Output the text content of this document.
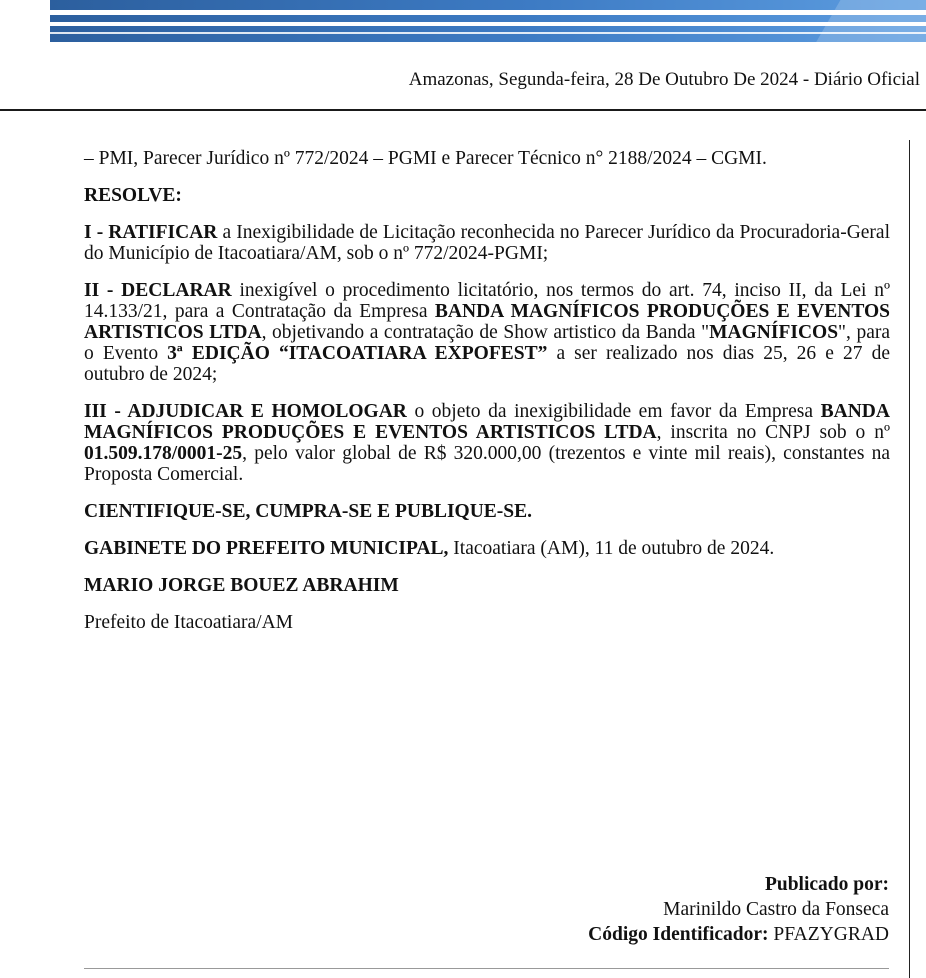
Amazonas, Segunda-feira, 28 De Outubro De 2024 - Diário Oficial

– PMI, Parecer Jurídico nº 772/2024 – PGMI e Parecer Técnico n° 2188/2024 – CGMI.

RESOLVE:

I - RATIFICAR a Inexigibilidade de Licitação reconhecida no Parecer Jurídico da Procuradoria-Geral do Município de Itacoatiara/AM, sob o nº 772/2024-PGMI;

II - DECLARAR inexigível o procedimento licitatório, nos termos do art. 74, inciso II, da Lei nº 14.133/21, para a Contratação da Empresa BANDA MAGNÍFICOS PRODUÇÕES E EVENTOS ARTISTICOS LTDA, objetivando a contratação de Show artistico da Banda "MAGNÍFICOS", para o Evento 3ª EDIÇÃO “ITACOATIARA EXPOFEST” a ser realizado nos dias 25, 26 e 27 de outubro de 2024;

III - ADJUDICAR E HOMOLOGAR o objeto da inexigibilidade em favor da Empresa BANDA MAGNÍFICOS PRODUÇÕES E EVENTOS ARTISTICOS LTDA, inscrita no CNPJ sob o nº 01.509.178/0001-25, pelo valor global de R$ 320.000,00 (trezentos e vinte mil reais), constantes na Proposta Comercial.

CIENTIFIQUE-SE, CUMPRA-SE E PUBLIQUE-SE.

GABINETE DO PREFEITO MUNICIPAL, Itacoatiara (AM), 11 de outubro de 2024.

MARIO JORGE BOUEZ ABRAHIM

Prefeito de Itacoatiara/AM

Publicado por:
Marinildo Castro da Fonseca
Código Identificador: PFAZYGRAD
